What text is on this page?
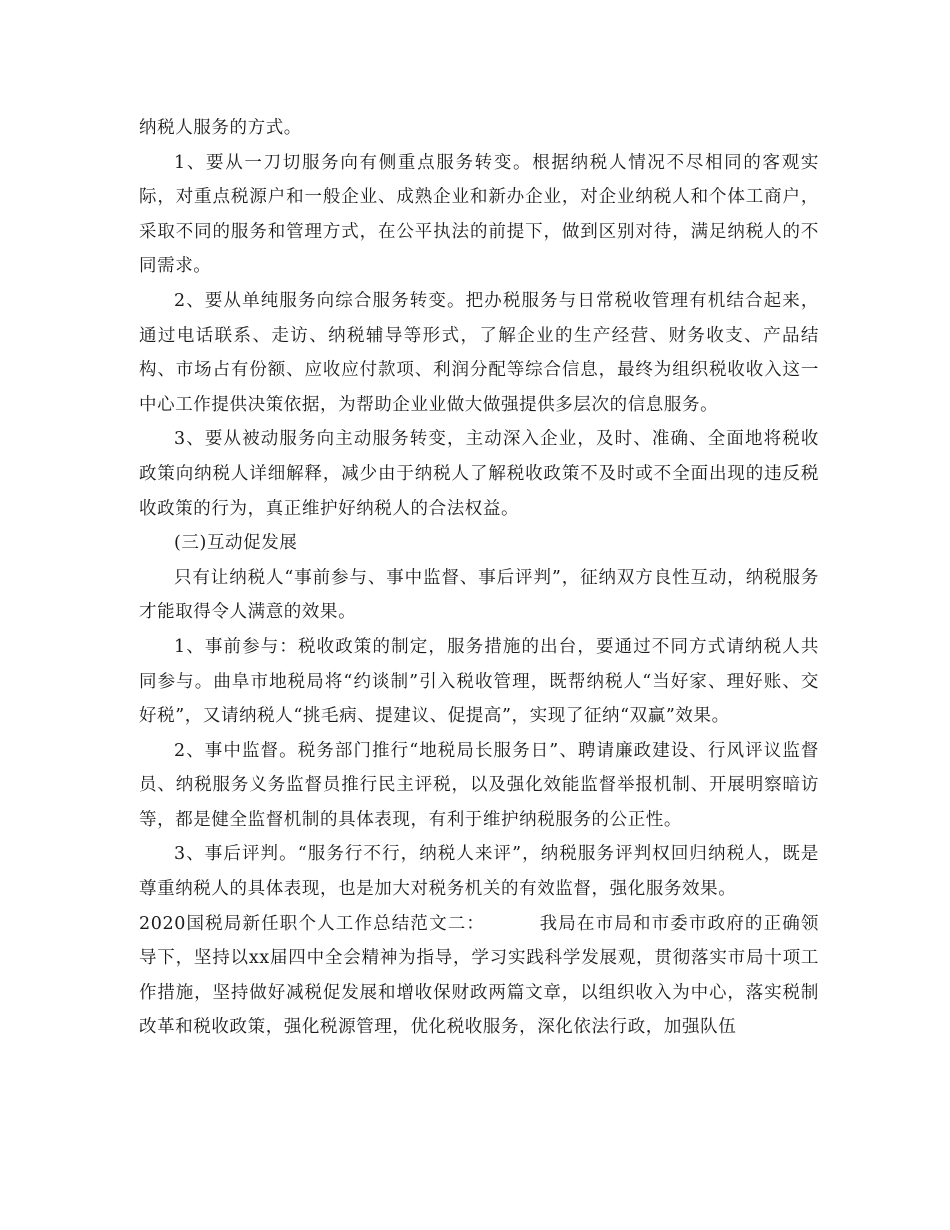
纳税人服务的方式。

1、要从一刀切服务向有侧重点服务转变。根据纳税人情况不尽相同的客观实际，对重点税源户和一般企业、成熟企业和新办企业，对企业纳税人和个体工商户，采取不同的服务和管理方式，在公平执法的前提下，做到区别对待，满足纳税人的不同需求。

2、要从单纯服务向综合服务转变。把办税服务与日常税收管理有机结合起来，通过电话联系、走访、纳税辅导等形式，了解企业的生产经营、财务收支、产品结构、市场占有份额、应收应付款项、利润分配等综合信息，最终为组织税收收入这一中心工作提供决策依据，为帮助企业业做大做强提供多层次的信息服务。

3、要从被动服务向主动服务转变，主动深入企业，及时、准确、全面地将税收政策向纳税人详细解释，减少由于纳税人了解税收政策不及时或不全面出现的违反税收政策的行为，真正维护好纳税人的合法权益。

(三)互动促发展

只有让纳税人“事前参与、事中监督、事后评判”，征纳双方良性互动，纳税服务才能取得令人满意的效果。

1、事前参与：税收政策的制定，服务措施的出台，要通过不同方式请纳税人共同参与。曲阜市地税局将“约谈制”引入税收管理，既帮纳税人“当好家、理好账、交好税”，又请纳税人“挑毛病、提建议、促提高”，实现了征纳“双赢”效果。

2、事中监督。税务部门推行“地税局长服务日”、聘请廉政建设、行风评议监督员、纳税服务义务监督员推行民主评税，以及强化效能监督举报机制、开展明察暗访等，都是健全监督机制的具体表现，有利于维护纳税服务的公正性。

3、事后评判。“服务行不行，纳税人来评”，纳税服务评判权回归纳税人，既是尊重纳税人的具体表现，也是加大对税务机关的有效监督，强化服务效果。

2020国税局新任职个人工作总结范文二：	我局在市局和市委市政府的正确领导下，坚持以xx届四中全会精神为指导，学习实践科学发展观，贯彻落实市局十项工作措施，坚持做好减税促发展和增收保财政两篇文章，以组织收入为中心，落实税制改革和税收政策，强化税源管理，优化税收服务，深化依法行政，加强队伍
